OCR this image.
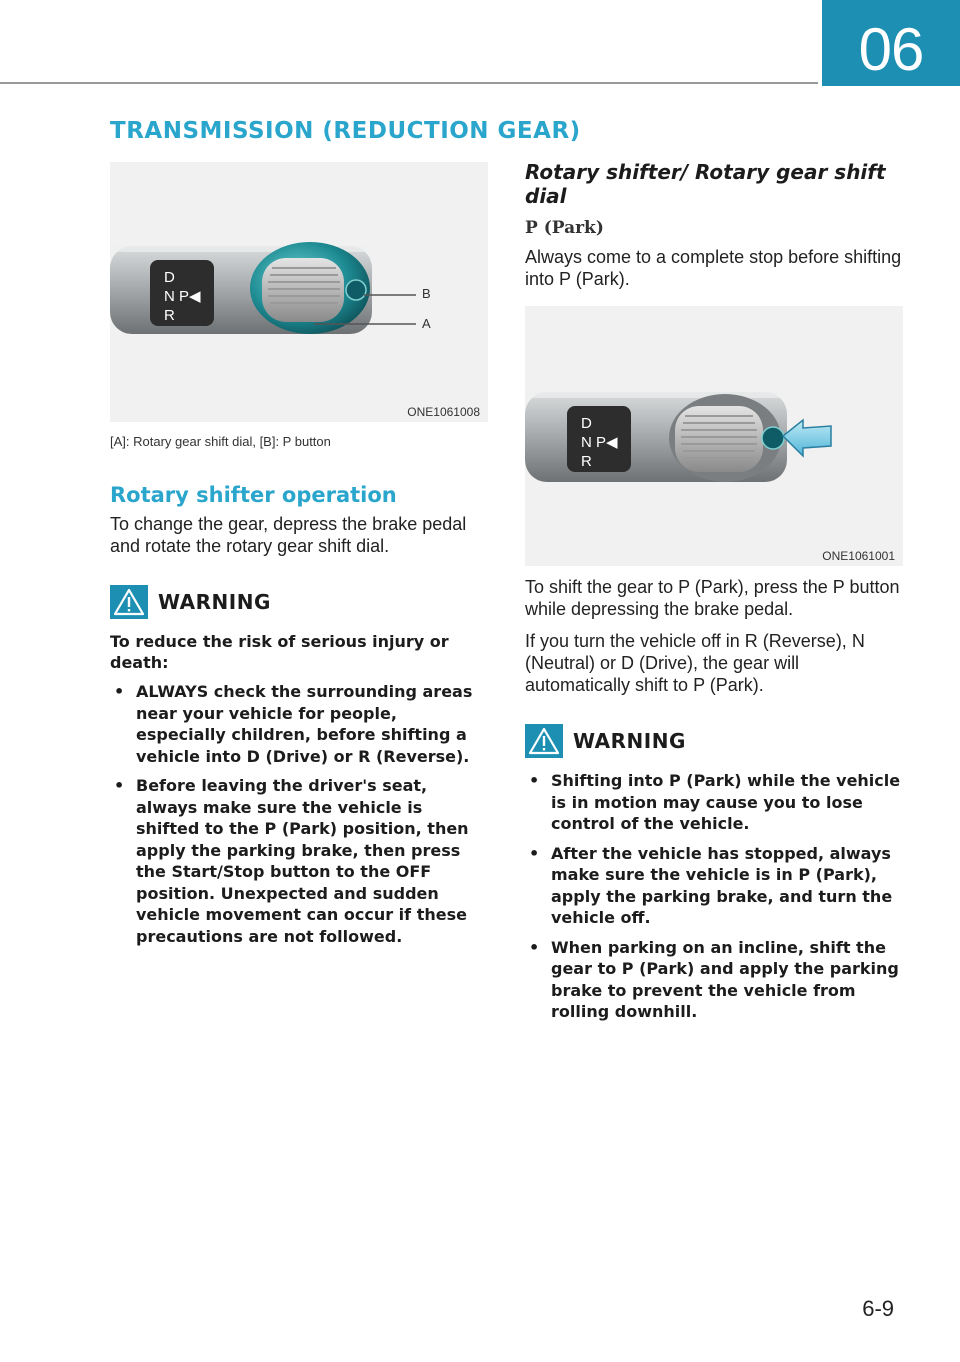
06
TRANSMISSION (REDUCTION GEAR)
D
N P◀
R
B
A
ONE1061008
[A]: Rotary gear shift dial, [B]: P button
Rotary shifter operation
To change the gear, depress the brake pedal and rotate the rotary gear shift dial.
WARNING
To reduce the risk of serious injury or death:
• ALWAYS check the surrounding areas near your vehicle for people, especially children, before shifting a vehicle into D (Drive) or R (Reverse).
• Before leaving the driver's seat, always make sure the vehicle is shifted to the P (Park) position, then apply the parking brake, then press the Start/Stop button to the OFF position. Unexpected and sudden vehicle movement can occur if these precautions are not followed.
Rotary shifter/ Rotary gear shift dial
P (Park)
Always come to a complete stop before shifting into P (Park).
D
N P◀
R
ONE1061001
To shift the gear to P (Park), press the P button while depressing the brake pedal.
If you turn the vehicle off in R (Reverse), N (Neutral) or D (Drive), the gear will automatically shift to P (Park).
WARNING
• Shifting into P (Park) while the vehicle is in motion may cause you to lose control of the vehicle.
• After the vehicle has stopped, always make sure the vehicle is in P (Park), apply the parking brake, and turn the vehicle off.
• When parking on an incline, shift the gear to P (Park) and apply the parking brake to prevent the vehicle from rolling downhill.
6-9
